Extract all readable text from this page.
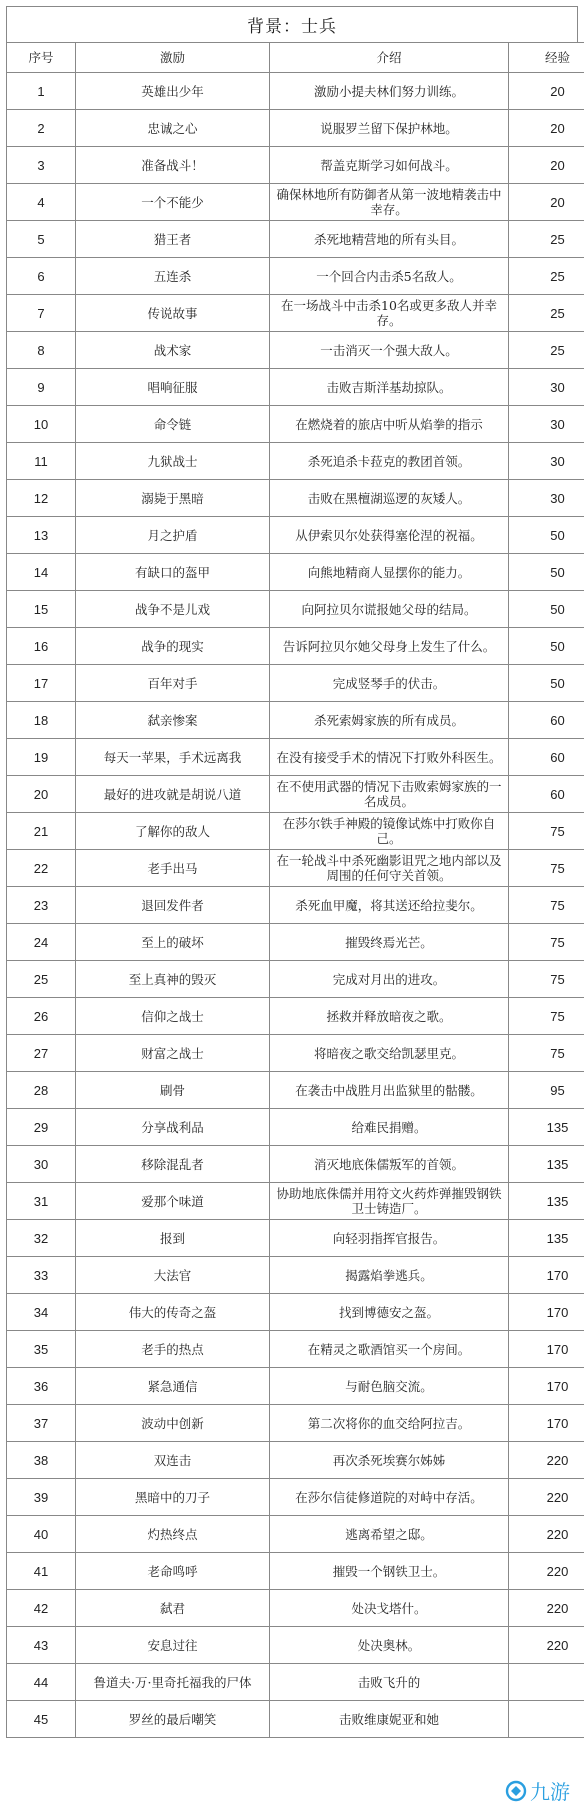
背景：士兵
序号	激励	介绍	经验
1	英雄出少年	激励小提夫林们努力训练。	20
2	忠诚之心	说服罗兰留下保护林地。	20
3	准备战斗！	帮盖克斯学习如何战斗。	20
4	一个不能少	确保林地所有防御者从第一波地精袭击中幸存。	20
5	猎王者	杀死地精营地的所有头目。	25
6	五连杀	一个回合内击杀5名敌人。	25
7	传说故事	在一场战斗中击杀10名或更多敌人并幸存。	25
8	战术家	一击消灭一个强大敌人。	25
9	唱响征服	击败吉斯洋基劫掠队。	30
10	命令链	在燃烧着的旅店中听从焰拳的指示	30
11	九狱战士	杀死追杀卡菈克的教团首领。	30
12	溺毙于黑暗	击败在黑檀湖巡逻的灰矮人。	30
13	月之护盾	从伊索贝尔处获得塞伦涅的祝福。	50
14	有缺口的盔甲	向熊地精商人显摆你的能力。	50
15	战争不是儿戏	向阿拉贝尔谎报她父母的结局。	50
16	战争的现实	告诉阿拉贝尔她父母身上发生了什么。	50
17	百年对手	完成竖琴手的伏击。	50
18	弑亲惨案	杀死索姆家族的所有成员。	60
19	每天一苹果，手术远离我	在没有接受手术的情况下打败外科医生。	60
20	最好的进攻就是胡说八道	在不使用武器的情况下击败索姆家族的一名成员。	60
21	了解你的敌人	在莎尔铁手神殿的镜像试炼中打败你自己。	75
22	老手出马	在一轮战斗中杀死幽影诅咒之地内部以及周围的任何守关首领。	75
23	退回发件者	杀死血甲魔，将其送还给拉斐尔。	75
24	至上的破坏	摧毁终焉光芒。	75
25	至上真神的毁灭	完成对月出的进攻。	75
26	信仰之战士	拯救并释放暗夜之歌。	75
27	财富之战士	将暗夜之歌交给凯瑟里克。	75
28	刷骨	在袭击中战胜月出监狱里的骷髅。	95
29	分享战利品	给难民捐赠。	135
30	移除混乱者	消灭地底侏儒叛军的首领。	135
31	爱那个味道	协助地底侏儒并用符文火药炸弹摧毁钢铁卫士铸造厂。	135
32	报到	向轻羽指挥官报告。	135
33	大法官	揭露焰拳逃兵。	170
34	伟大的传奇之盔	找到博德安之盔。	170
35	老手的热点	在精灵之歌酒馆买一个房间。	170
36	紧急通信	与耐色脑交流。	170
37	波动中创新	第二次将你的血交给阿拉吉。	170
38	双连击	再次杀死埃赛尔姊姊	220
39	黑暗中的刀子	在莎尔信徒修道院的对峙中存活。	220
40	灼热终点	逃离希望之邸。	220
41	老命鸣呼	摧毁一个钢铁卫士。	220
42	弑君	处决戈塔什。	220
43	安息过往	处决奥林。	220
44	鲁道夫·万·里奇托福我的尸体	击败飞升的	
45	罗丝的最后嘲笑	击败维康妮亚和她	
九游
